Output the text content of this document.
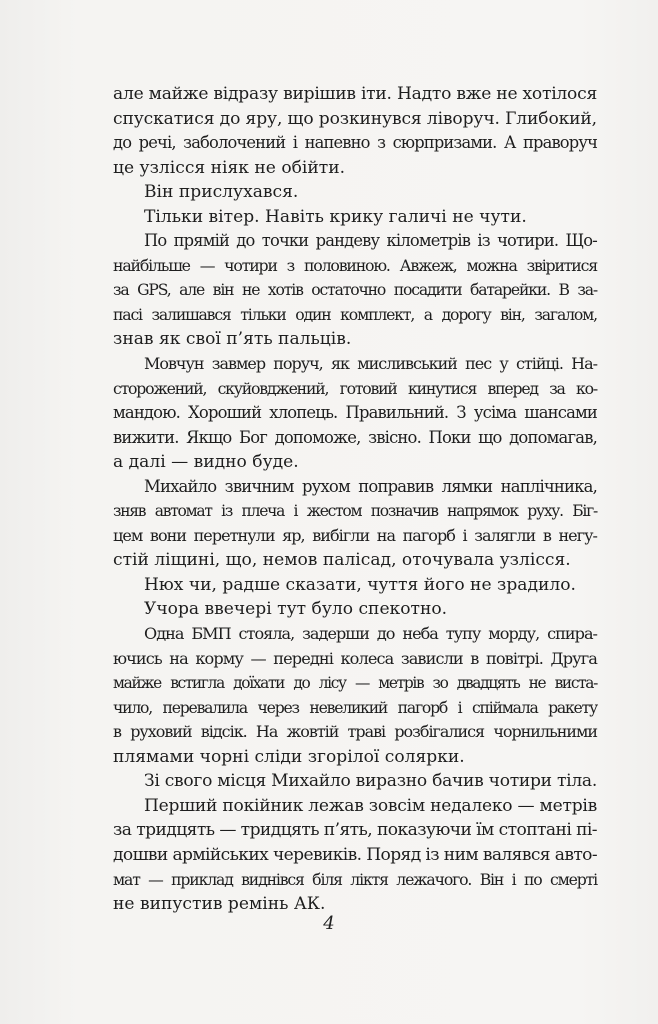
але майже відразу вирішив іти. Надто вже не хотілося
спускатися до яру, що розкинувся ліворуч. Глибокий,
до речі, заболочений і напевно з сюрпризами. А праворуч
це узлісся ніяк не обійти.
Він прислухався.
Тільки вітер. Навіть крику галичі не чути.
По прямій до точки рандеву кілометрів із чотири. Що-
найбільше — чотири з половиною. Авжеж, можна звіритися
за GPS, але він не хотів остаточно посадити батарейки. В за-
пасі залишався тільки один комплект, а дорогу він, загалом,
знав як свої п’ять пальців.
Мовчун завмер поруч, як мисливський пес у стійці. На-
сторожений, скуйовджений, готовий кинутися вперед за ко-
мандою. Хороший хлопець. Правильний. З усіма шансами
вижити. Якщо Бог допоможе, звісно. Поки що допомагав,
а далі — видно буде.
Михайло звичним рухом поправив лямки наплічника,
зняв автомат із плеча і жестом позначив напрямок руху. Біг-
цем вони перетнули яр, вибігли на пагорб і залягли в негу-
стій ліщині, що, немов палісад, оточувала узлісся.
Нюх чи, радше сказати, чуття його не зрадило.
Учора ввечері тут було спекотно.
Одна БМП стояла, задерши до неба тупу морду, спира-
ючись на корму — передні колеса зависли в повітрі. Друга
майже встигла доїхати до лісу — метрів зо двадцять не виста-
чило, перевалила через невеликий пагорб і спіймала ракету
в руховий відсік. На жовтій траві розбігалися чорнильними
плямами чорні сліди згорілої солярки.
Зі свого місця Михайло виразно бачив чотири тіла.
Перший покійник лежав зовсім недалеко — метрів
за тридцять — тридцять п’ять, показуючи їм стоптані пі-
дошви армійських черевиків. Поряд із ним валявся авто-
мат — приклад виднівся біля ліктя лежачого. Він і по смерті
не випустив ремінь АК.
4
